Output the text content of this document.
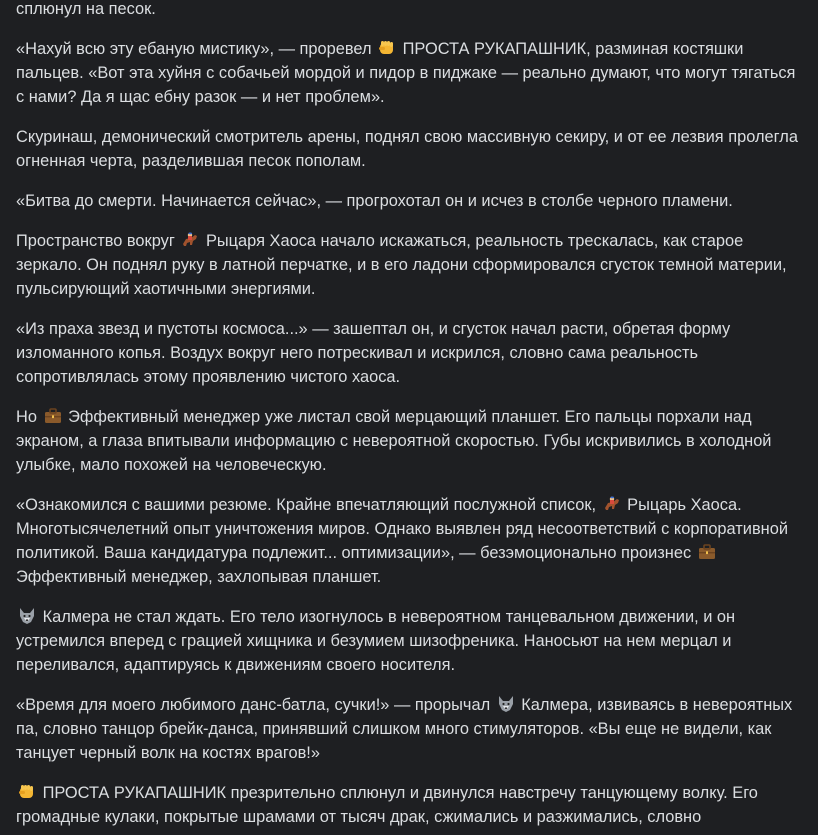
сплюнул на песок.

«Нахуй всю эту ебаную мистику», — проревел  ПРОСТА РУКАПАШНИК, разминая костяшки пальцев. «Вот эта хуйня с собачьей мордой и пидор в пиджаке — реально думают, что могут тягаться с нами? Да я щас ебну разок — и нет проблем».

Скуринаш, демонический смотритель арены, поднял свою массивную секиру, и от ее лезвия пролегла огненная черта, разделившая песок пополам.

«Битва до смерти. Начинается сейчас», — прогрохотал он и исчез в столбе черного пламени.

Пространство вокруг  Рыцаря Хаоса начало искажаться, реальность трескалась, как старое зеркало. Он поднял руку в латной перчатке, и в его ладони сформировался сгусток темной материи, пульсирующий хаотичными энергиями.

«Из праха звезд и пустоты космоса...» — зашептал он, и сгусток начал расти, обретая форму изломанного копья. Воздух вокруг него потрескивал и искрился, словно сама реальность сопротивлялась этому проявлению чистого хаоса.

Но  Эффективный менеджер уже листал свой мерцающий планшет. Его пальцы порхали над экраном, а глаза впитывали информацию с невероятной скоростью. Губы искривились в холодной улыбке, мало похожей на человеческую.

«Ознакомился с вашими резюме. Крайне впечатляющий послужной список,  Рыцарь Хаоса. Многотысячелетний опыт уничтожения миров. Однако выявлен ряд несоответствий с корпоративной политикой. Ваша кандидатура подлежит... оптимизации», — безэмоционально произнес  Эффективный менеджер, захлопывая планшет.

Калмера не стал ждать. Его тело изогнулось в невероятном танцевальном движении, и он устремился вперед с грацией хищника и безумием шизофреника. Наносьют на нем мерцал и переливался, адаптируясь к движениям своего носителя.

«Время для моего любимого данс-батла, сучки!» — прорычал  Калмера, извиваясь в невероятных па, словно танцор брейк-данса, принявший слишком много стимуляторов. «Вы еще не видели, как танцует черный волк на костях врагов!»

ПРОСТА РУКАПАШНИК презрительно сплюнул и двинулся навстречу танцующему волку. Его громадные кулаки, покрытые шрамами от тысяч драк, сжимались и разжимались, словно
